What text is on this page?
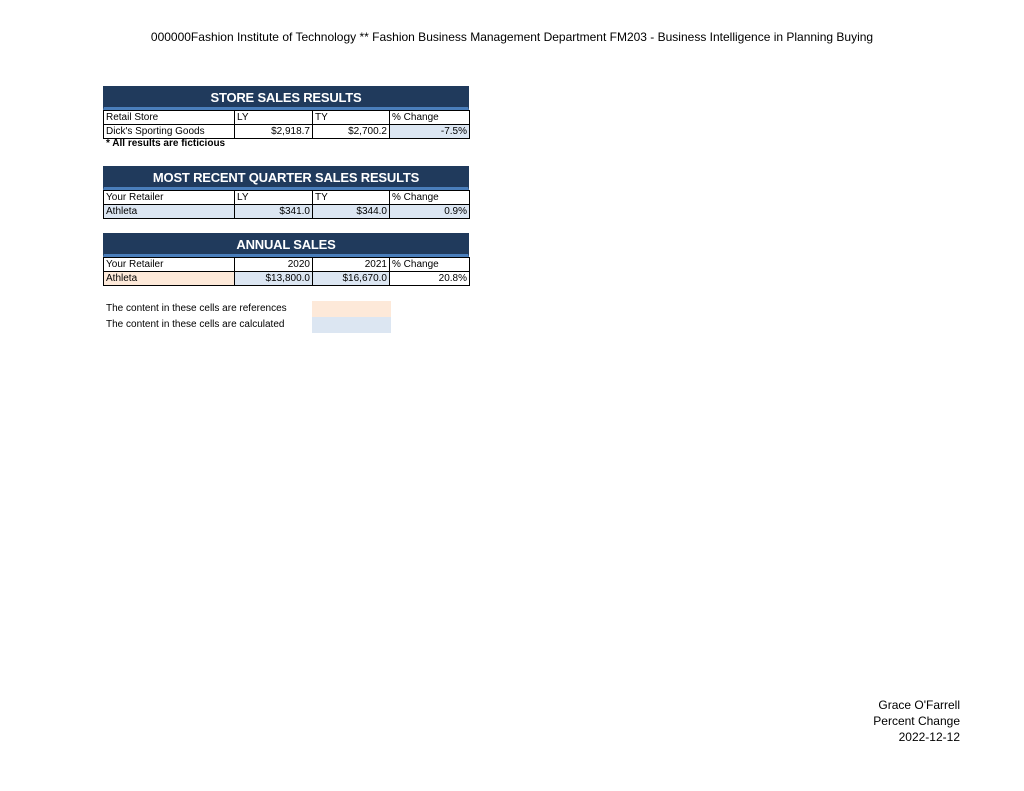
000000Fashion Institute of Technology ** Fashion Business Management Department FM203 - Business Intelligence in Planning Buying
STORE SALES RESULTS
Retail Store	LY	TY	% Change
Dick's Sporting Goods	$2,918.7	$2,700.2	-7.5%
* All results are ficticious
MOST RECENT QUARTER SALES RESULTS
Your Retailer	LY	TY	% Change
Athleta	$341.0	$344.0	0.9%
ANNUAL SALES
Your Retailer	2020	2021	% Change
Athleta	$13,800.0	$16,670.0	20.8%
The content in these cells are references
The content in these cells are calculated
Grace O'Farrell
Percent Change
2022-12-12
